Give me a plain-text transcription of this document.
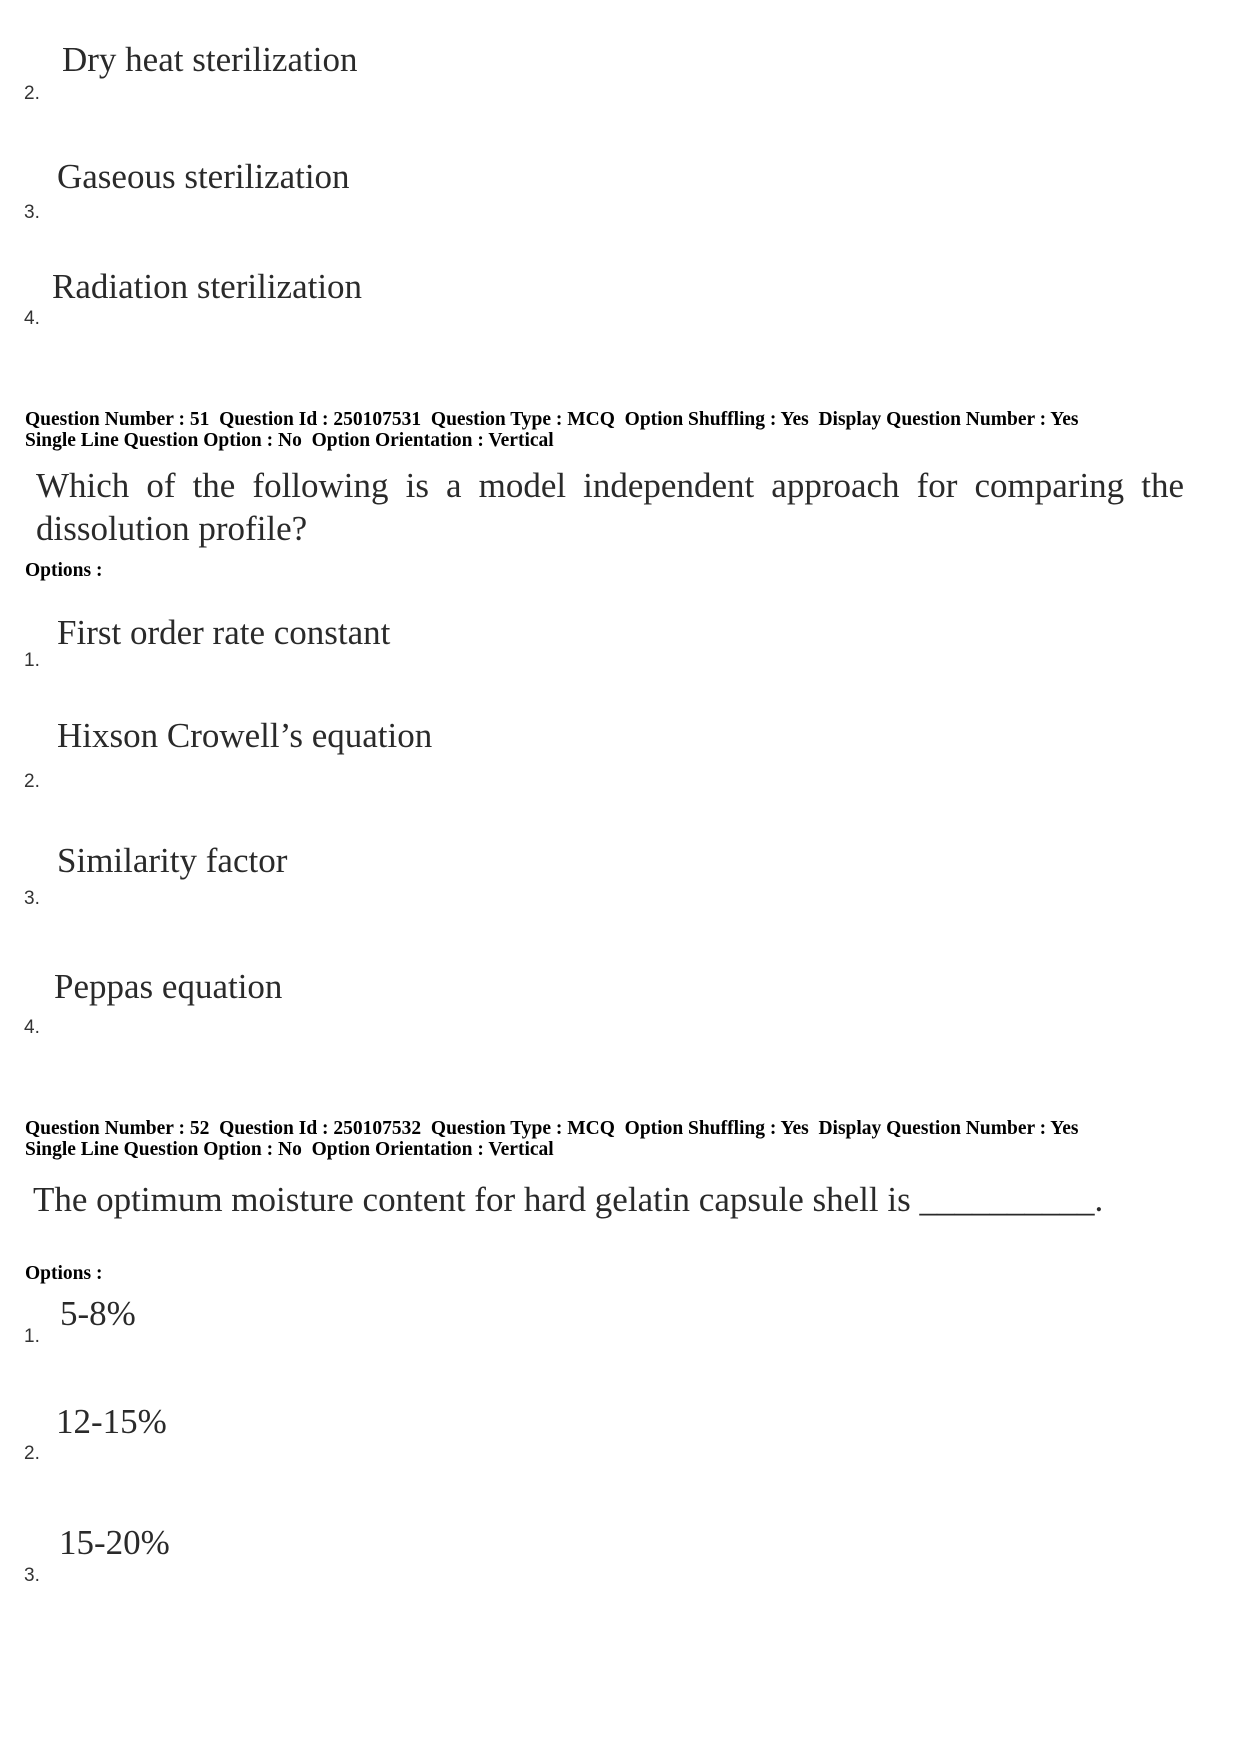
Dry heat sterilization
2.
Gaseous sterilization
3.
Radiation sterilization
4.
Question Number : 51  Question Id : 250107531  Question Type : MCQ  Option Shuffling : Yes  Display Question Number : Yes
Single Line Question Option : No  Option Orientation : Vertical
Which of the following is a model independent approach for comparing the
dissolution profile?
Options :
First order rate constant
1.
Hixson Crowell’s equation
2.
Similarity factor
3.
Peppas equation
4.
Question Number : 52  Question Id : 250107532  Question Type : MCQ  Option Shuffling : Yes  Display Question Number : Yes
Single Line Question Option : No  Option Orientation : Vertical
The optimum moisture content for hard gelatin capsule shell is __________.
Options :
5-8%
1.
12-15%
2.
15-20%
3.
